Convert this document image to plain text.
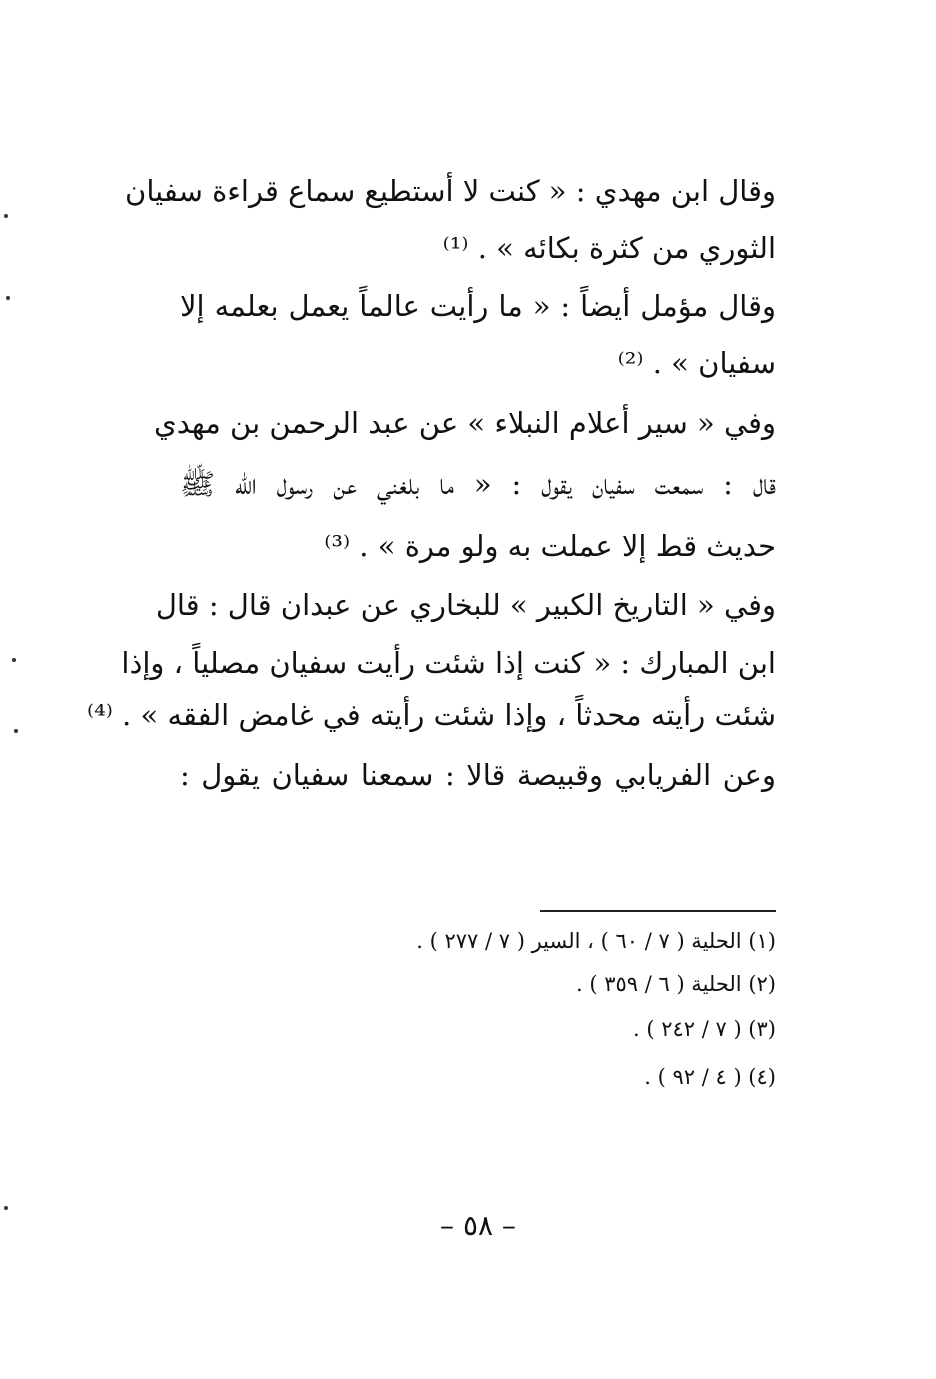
وقال ابن مهدي : « كنت لا أستطيع سماع قراءة سفيان
الثوري من كثرة بكائه » . ⁽¹⁾
وقال مؤمل أيضاً : « ما رأيت عالماً يعمل بعلمه إلا
سفيان » . ⁽²⁾
وفي « سير أعلام النبلاء » عن عبد الرحمن بن مهدي
قال : سمعت سفيان يقول : « ما بلغني عن رسول الله ﷺ
حديث قط إلا عملت به ولو مرة » . ⁽³⁾
وفي « التاريخ الكبير » للبخاري عن عبدان قال : قال
ابن المبارك : « كنت إذا شئت رأيت سفيان مصلياً ، وإذا
شئت رأيته محدثاً ، وإذا شئت رأيته في غامض الفقه » . ⁽⁴⁾
وعن الفريابي وقبيصة قالا : سمعنا سفيان يقول :
(١) الحلية ( ٧ / ٦٠ ) ، السير ( ٧ / ٢٧٧ ) .
(٢) الحلية ( ٦ / ٣٥٩ ) .
(٣) ( ٧ / ٢٤٢ ) .
(٤) ( ٤ / ٩٢ ) .
– ٥٨ –
